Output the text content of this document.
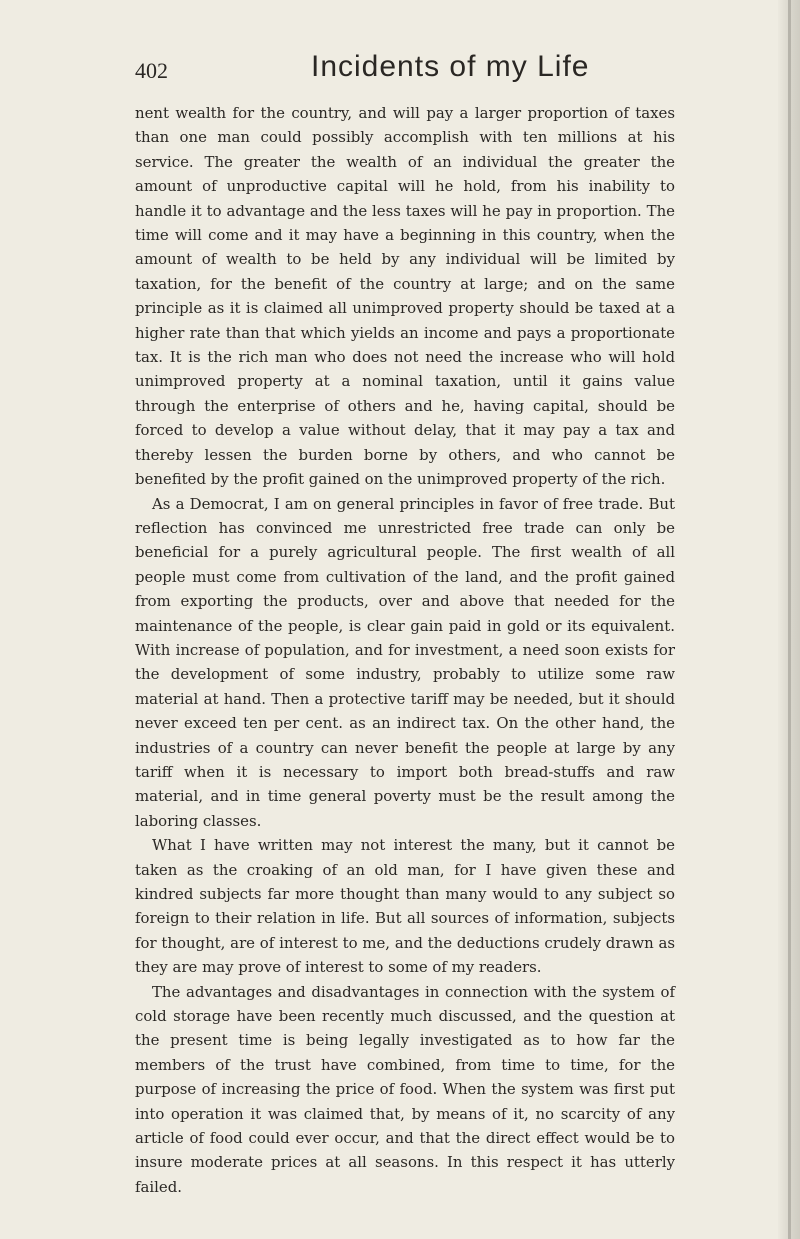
402	Incidents of my Life

nent wealth for the country, and will pay a larger proportion of taxes than one man could possibly accomplish with ten millions at his service. The greater the wealth of an individual the greater the amount of unproductive capital will he hold, from his inability to handle it to advantage and the less taxes will he pay in proportion. The time will come and it may have a beginning in this country, when the amount of wealth to be held by any individual will be limited by taxation, for the benefit of the country at large; and on the same principle as it is claimed all unimproved property should be taxed at a higher rate than that which yields an income and pays a proportionate tax. It is the rich man who does not need the increase who will hold unimproved property at a nominal taxation, until it gains value through the enterprise of others and he, having capital, should be forced to develop a value without delay, that it may pay a tax and thereby lessen the burden borne by others, and who cannot be benefited by the profit gained on the unimproved property of the rich.

As a Democrat, I am on general principles in favor of free trade. But reflection has convinced me unrestricted free trade can only be beneficial for a purely agricultural people. The first wealth of all people must come from cultivation of the land, and the profit gained from exporting the products, over and above that needed for the maintenance of the people, is clear gain paid in gold or its equivalent. With increase of population, and for investment, a need soon exists for the development of some industry, probably to utilize some raw material at hand. Then a protective tariff may be needed, but it should never exceed ten per cent. as an indirect tax. On the other hand, the industries of a country can never benefit the people at large by any tariff when it is necessary to import both bread-stuffs and raw material, and in time general poverty must be the result among the laboring classes.

What I have written may not interest the many, but it cannot be taken as the croaking of an old man, for I have given these and kindred subjects far more thought than many would to any subject so foreign to their relation in life. But all sources of information, subjects for thought, are of interest to me, and the deductions crudely drawn as they are may prove of interest to some of my readers.

The advantages and disadvantages in connection with the system of cold storage have been recently much discussed, and the question at the present time is being legally investigated as to how far the members of the trust have combined, from time to time, for the purpose of increasing the price of food. When the system was first put into operation it was claimed that, by means of it, no scarcity of any article of food could ever occur, and that the direct effect would be to insure moderate prices at all seasons. In this respect it has utterly failed.
